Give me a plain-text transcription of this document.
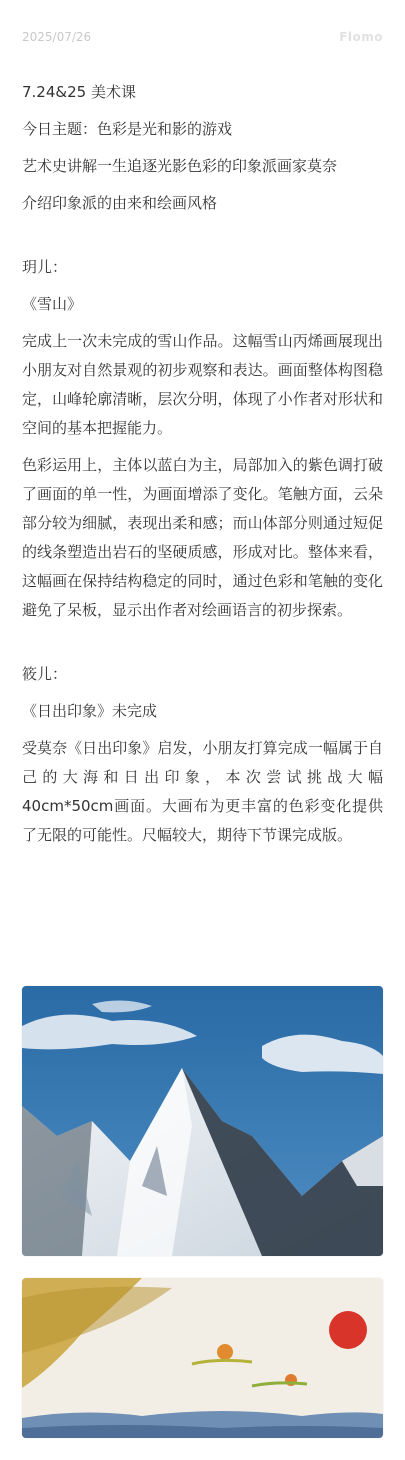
2025/07/26	Flomo
7.24&25 美术课
今日主题：色彩是光和影的游戏
艺术史讲解一生追逐光影色彩的印象派画家莫奈
介绍印象派的由来和绘画风格
玥儿：
《雪山》
完成上一次未完成的雪山作品。这幅雪山丙烯画展现出小朋友对自然景观的初步观察和表达。画面整体构图稳定，山峰轮廓清晰，层次分明，体现了小作者对形状和空间的基本把握能力。
色彩运用上，主体以蓝白为主，局部加入的紫色调打破了画面的单一性，为画面增添了变化。笔触方面，云朵部分较为细腻，表现出柔和感；而山体部分则通过短促的线条塑造出岩石的坚硬质感，形成对比。整体来看，这幅画在保持结构稳定的同时，通过色彩和笔触的变化避免了呆板，显示出作者对绘画语言的初步探索。
筱儿：
《日出印象》未完成
受莫奈《日出印象》启发，小朋友打算完成一幅属于自己的大海和日出印象，本次尝试挑战大幅40cm*50cm画面。大画布为更丰富的色彩变化提供了无限的可能性。尺幅较大，期待下节课完成版。
